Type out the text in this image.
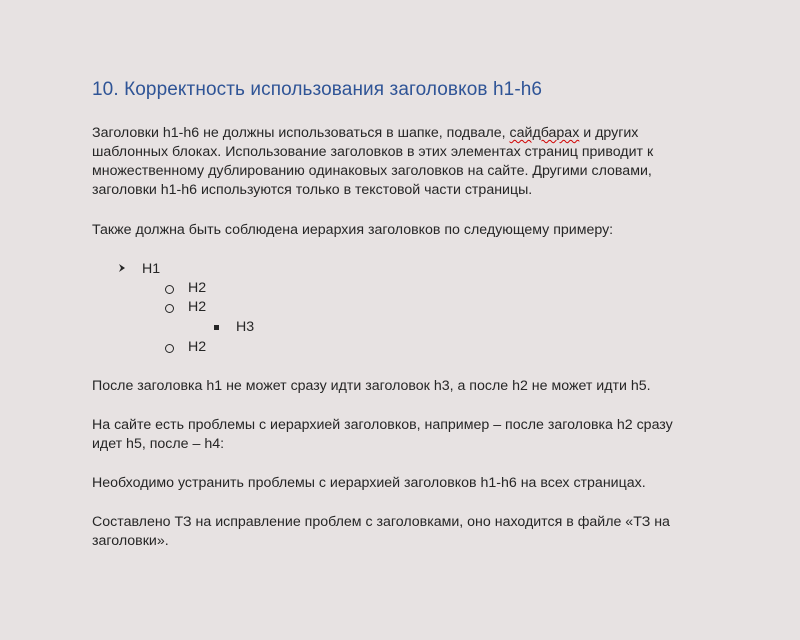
10. Корректность использования заголовков h1-h6

Заголовки h1-h6 не должны использоваться в шапке, подвале, сайдбарах и других
шаблонных блоках. Использование заголовков в этих элементах страниц приводит к
множественному дублированию одинаковых заголовков на сайте. Другими словами,
заголовки h1-h6 используются только в текстовой части страницы.

Также должна быть соблюдена иерархия заголовков по следующему примеру:

H1
H2
H2
H3
H2

После заголовка h1 не может сразу идти заголовок h3, а после h2 не может идти h5.

На сайте есть проблемы с иерархией заголовков, например – после заголовка h2 сразу
идет h5, после – h4:

Необходимо устранить проблемы с иерархией заголовков h1-h6 на всех страницах.

Составлено ТЗ на исправление проблем с заголовками, оно находится в файле «ТЗ на
заголовки».
